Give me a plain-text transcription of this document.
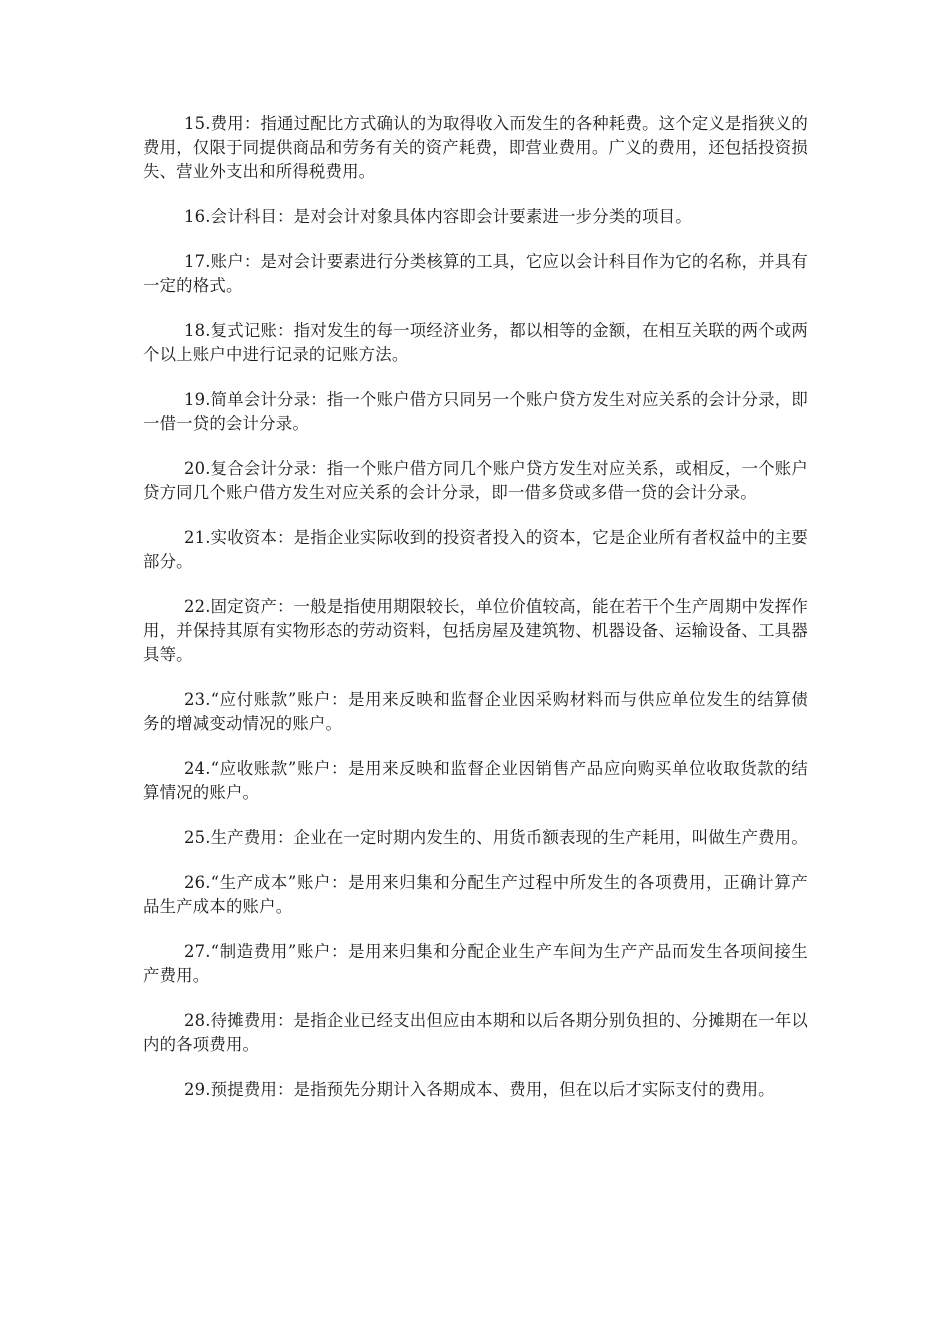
15.费用：指通过配比方式确认的为取得收入而发生的各种耗费。这个定义是指狭义的费用，仅限于同提供商品和劳务有关的资产耗费，即营业费用。广义的费用，还包括投资损失、营业外支出和所得税费用。

16.会计科目：是对会计对象具体内容即会计要素进一步分类的项目。

17.账户：是对会计要素进行分类核算的工具，它应以会计科目作为它的名称，并具有一定的格式。

18.复式记账：指对发生的每一项经济业务，都以相等的金额，在相互关联的两个或两个以上账户中进行记录的记账方法。

19.简单会计分录：指一个账户借方只同另一个账户贷方发生对应关系的会计分录，即一借一贷的会计分录。

20.复合会计分录：指一个账户借方同几个账户贷方发生对应关系，或相反，一个账户贷方同几个账户借方发生对应关系的会计分录，即一借多贷或多借一贷的会计分录。

21.实收资本：是指企业实际收到的投资者投入的资本，它是企业所有者权益中的主要部分。

22.固定资产：一般是指使用期限较长，单位价值较高，能在若干个生产周期中发挥作用，并保持其原有实物形态的劳动资料，包括房屋及建筑物、机器设备、运输设备、工具器具等。

23.“应付账款”账户：是用来反映和监督企业因采购材料而与供应单位发生的结算债务的增减变动情况的账户。

24.“应收账款”账户：是用来反映和监督企业因销售产品应向购买单位收取货款的结算情况的账户。

25.生产费用：企业在一定时期内发生的、用货币额表现的生产耗用，叫做生产费用。

26.“生产成本”账户：是用来归集和分配生产过程中所发生的各项费用，正确计算产品生产成本的账户。

27.“制造费用”账户：是用来归集和分配企业生产车间为生产产品而发生各项间接生产费用。

28.待摊费用：是指企业已经支出但应由本期和以后各期分别负担的、分摊期在一年以内的各项费用。

29.预提费用：是指预先分期计入各期成本、费用，但在以后才实际支付的费用。
